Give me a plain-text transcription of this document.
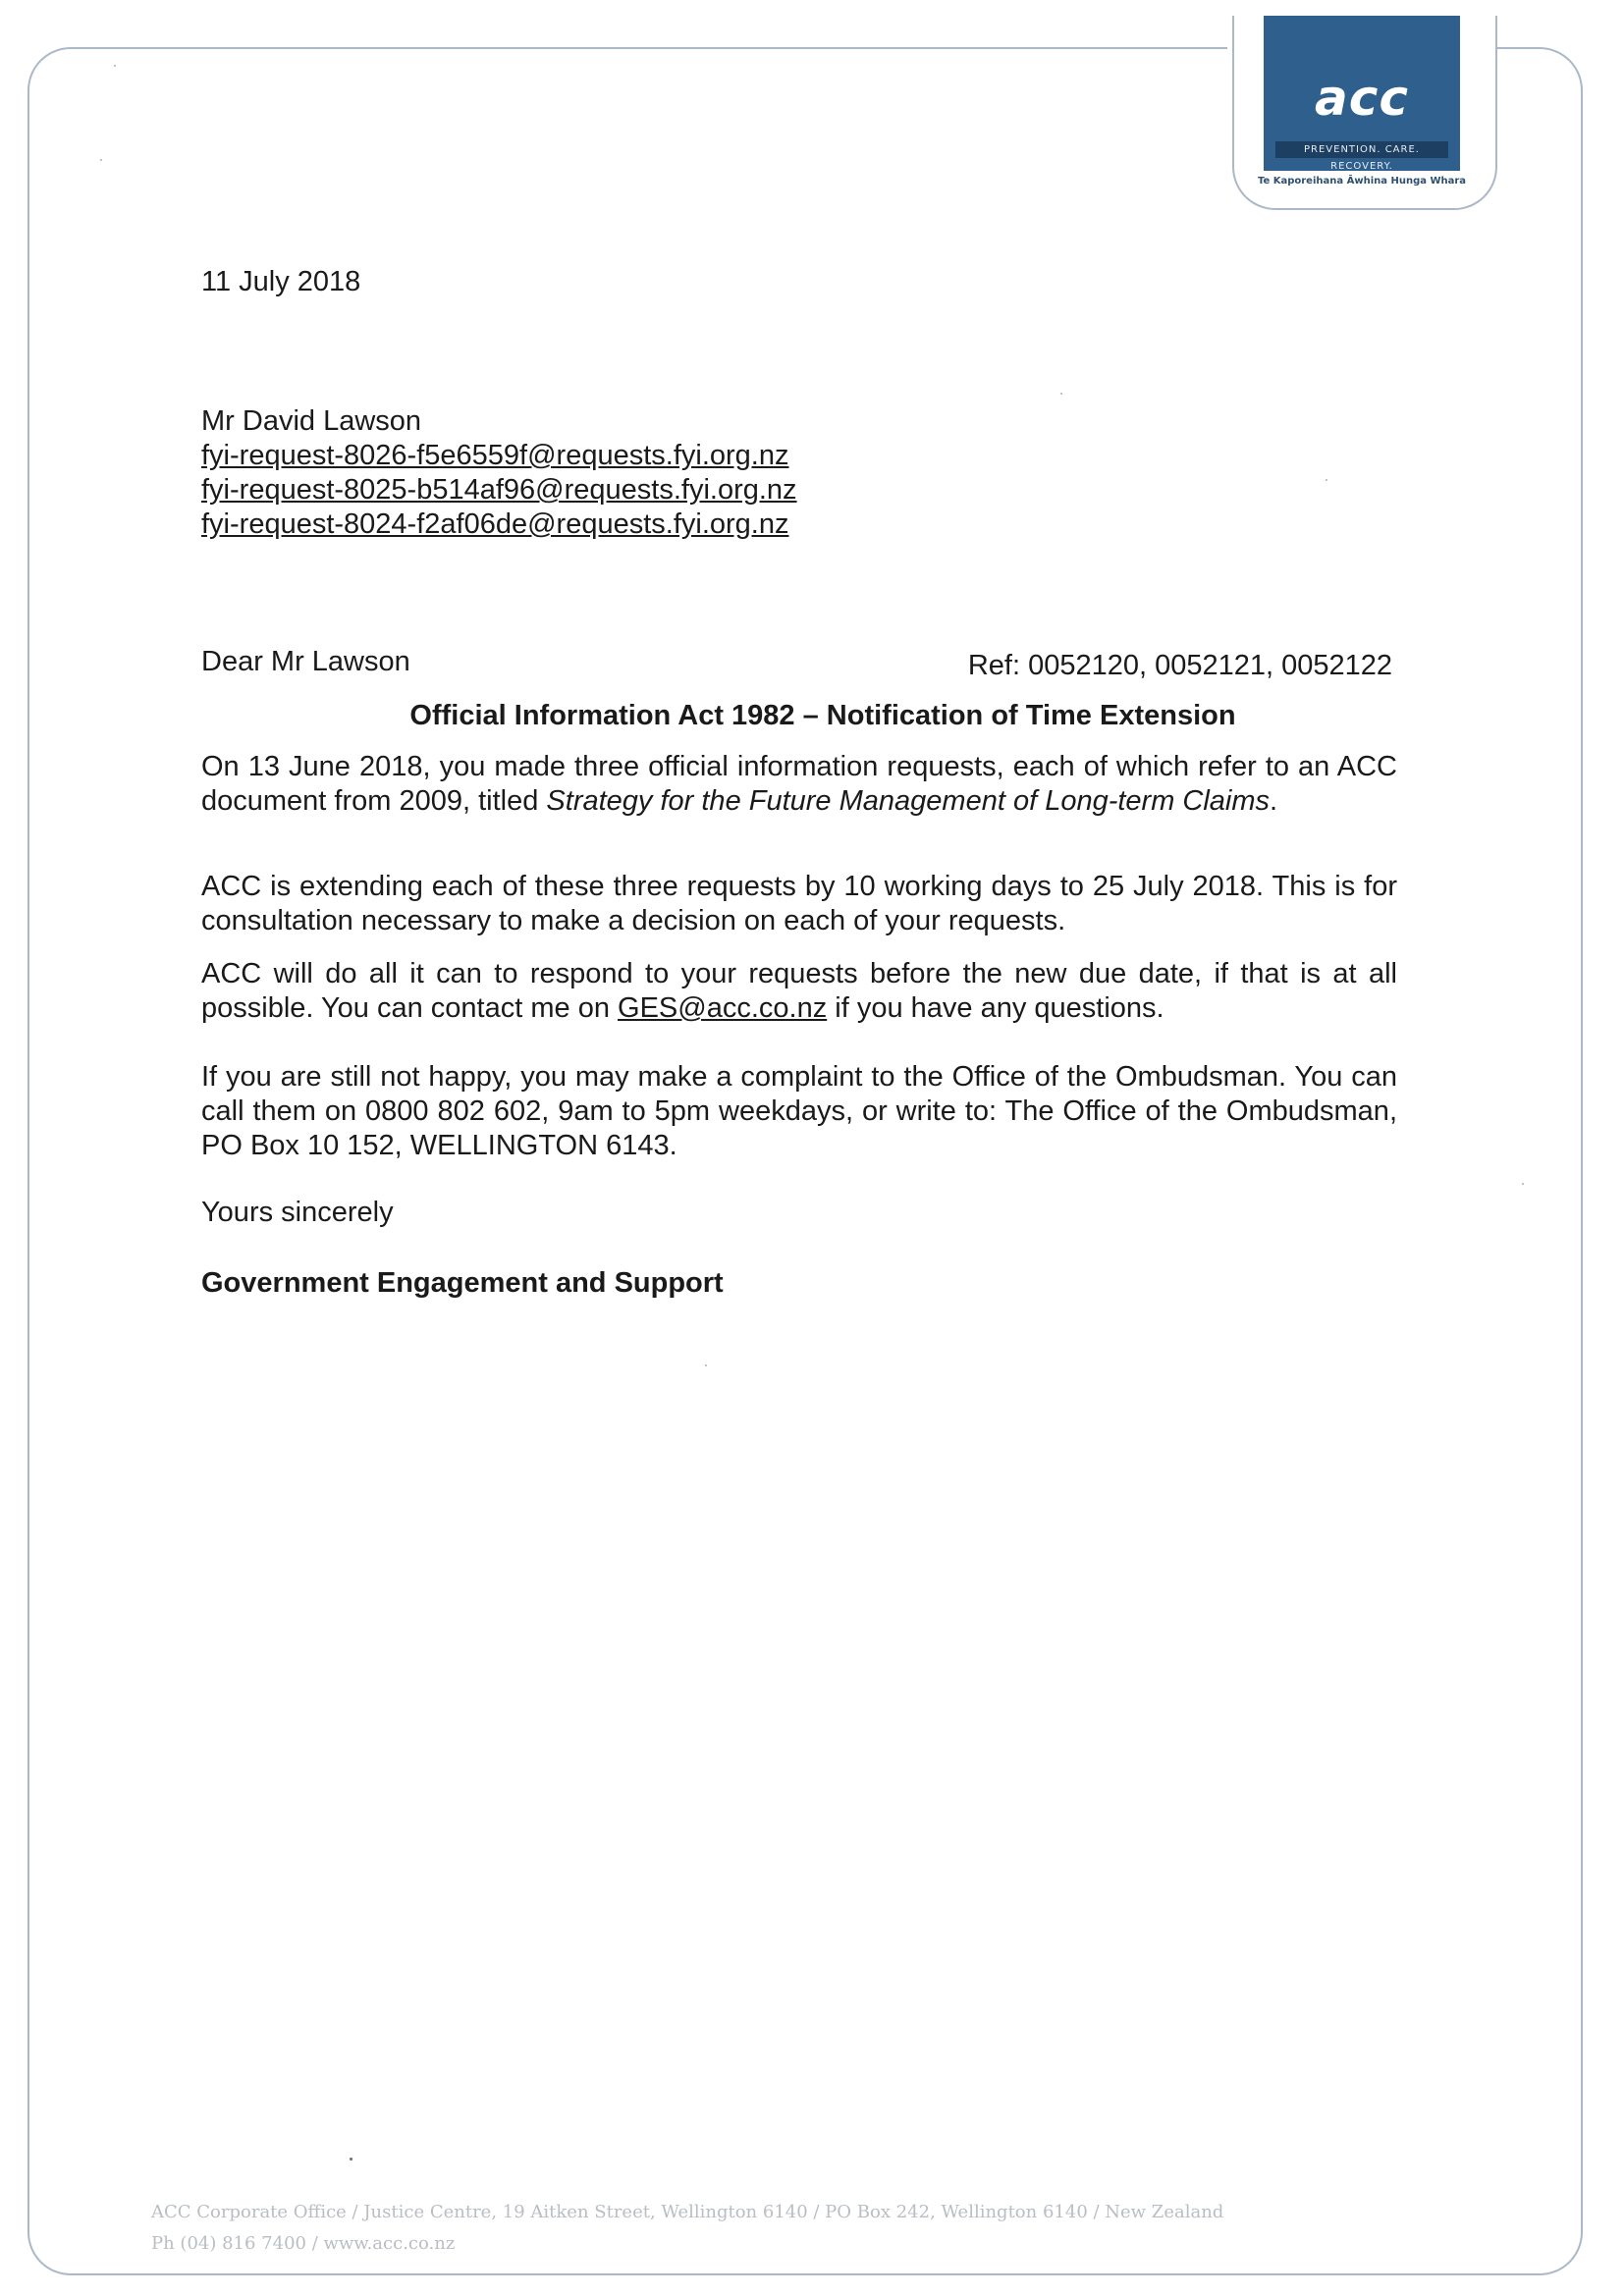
acc
PREVENTION. CARE. RECOVERY.
Te Kaporeihana Āwhina Hunga Whara
11 July 2018
Mr David Lawson
fyi-request-8026-f5e6559f@requests.fyi.org.nz
fyi-request-8025-b514af96@requests.fyi.org.nz
fyi-request-8024-f2af06de@requests.fyi.org.nz
Dear Mr Lawson	Ref: 0052120, 0052121, 0052122
Official Information Act 1982 – Notification of Time Extension
On 13 June 2018, you made three official information requests, each of which refer to an ACC document from 2009, titled Strategy for the Future Management of Long-term Claims.
ACC is extending each of these three requests by 10 working days to 25 July 2018. This is for consultation necessary to make a decision on each of your requests.
ACC will do all it can to respond to your requests before the new due date, if that is at all possible. You can contact me on GES@acc.co.nz if you have any questions.
If you are still not happy, you may make a complaint to the Office of the Ombudsman. You can call them on 0800 802 602, 9am to 5pm weekdays, or write to: The Office of the Ombudsman, PO Box 10 152, WELLINGTON 6143.
Yours sincerely
Government Engagement and Support
ACC Corporate Office / Justice Centre, 19 Aitken Street, Wellington 6140 / PO Box 242, Wellington 6140 / New Zealand
Ph (04) 816 7400 / www.acc.co.nz
